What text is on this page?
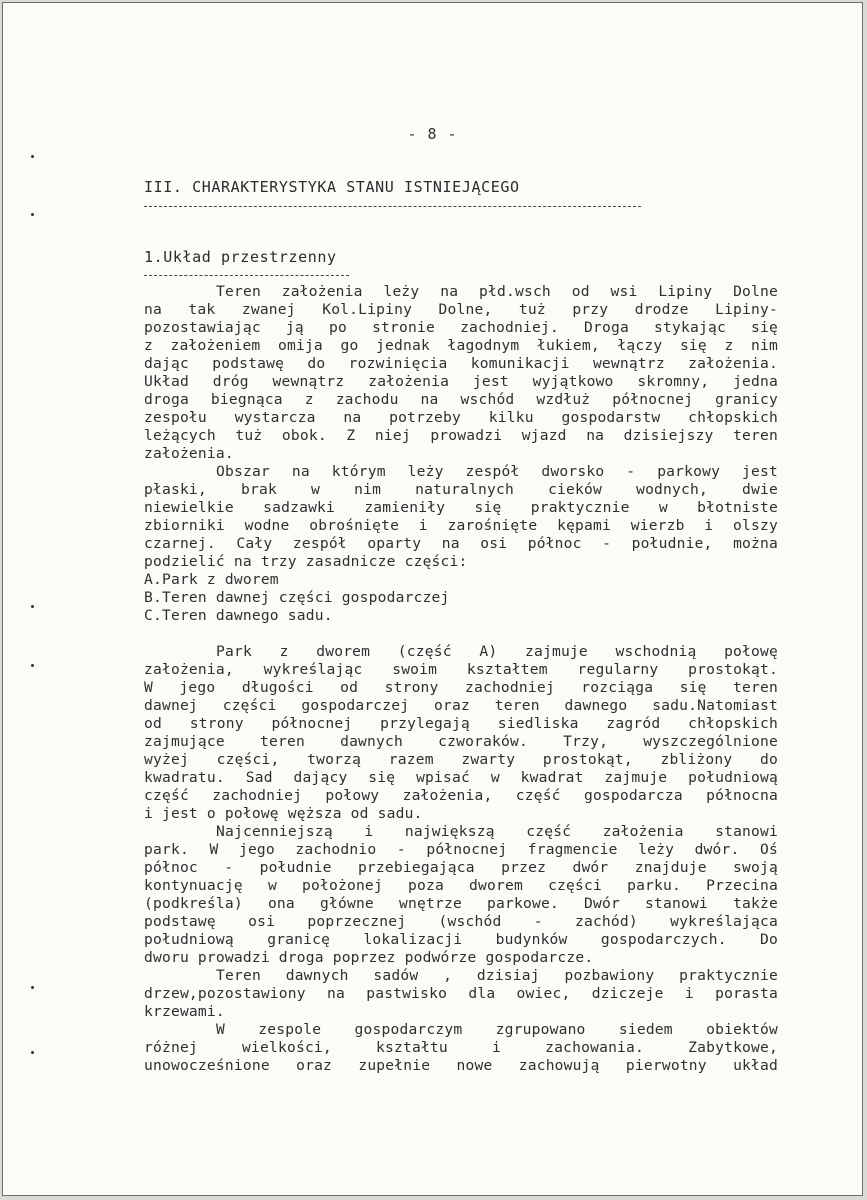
- 8 -
III. CHARAKTERYSTYKA STANU ISTNIEJĄCEGO
1.Układ przestrzenny
Teren założenia leży na płd.wsch od wsi Lipiny Dolne
na tak zwanej Kol.Lipiny Dolne, tuż przy drodze Lipiny-
pozostawiając ją po stronie zachodniej. Droga stykając się
z założeniem omija go jednak łagodnym łukiem, łączy się z nim
dając podstawę do rozwinięcia komunikacji wewnątrz założenia.
Układ dróg wewnątrz założenia jest wyjątkowo skromny, jedna
droga biegnąca z zachodu na wschód wzdłuż północnej granicy
zespołu wystarcza na potrzeby kilku gospodarstw chłopskich
leżących tuż obok. Z niej prowadzi wjazd na dzisiejszy teren
założenia.
Obszar na którym leży zespół dworsko - parkowy jest
płaski, brak w nim naturalnych cieków wodnych, dwie
niewielkie sadzawki zamieniły się praktycznie w błotniste
zbiorniki wodne obrośnięte i zarośnięte kępami wierzb i olszy
czarnej. Cały zespół oparty na osi północ - południe, można
podzielić na trzy zasadnicze części:
A.Park z dworem
B.Teren dawnej części gospodarczej
C.Teren dawnego sadu.
Park z dworem (część A) zajmuje wschodnią połowę
założenia, wykreślając swoim kształtem regularny prostokąt.
W jego długości od strony zachodniej rozciąga się teren
dawnej części gospodarczej oraz teren dawnego sadu.Natomiast
od strony północnej przylegają siedliska zagród chłopskich
zajmujące teren dawnych czworaków. Trzy, wyszczególnione
wyżej części, tworzą razem zwarty prostokąt, zbliżony do
kwadratu. Sad dający się wpisać w kwadrat zajmuje południową
część zachodniej połowy założenia, część gospodarcza północna
i jest o połowę węższa od sadu.
Najcenniejszą i największą część założenia stanowi
park. W jego zachodnio - północnej fragmencie leży dwór. Oś
północ - południe przebiegająca przez dwór znajduje swoją
kontynuację w położonej poza dworem części parku. Przecina
(podkreśla) ona główne wnętrze parkowe. Dwór stanowi także
podstawę osi poprzecznej (wschód - zachód) wykreślająca
południową granicę lokalizacji budynków gospodarczych. Do
dworu prowadzi droga poprzez podwórze gospodarcze.
Teren dawnych sadów , dzisiaj pozbawiony praktycznie
drzew,pozostawiony na pastwisko dla owiec, dziczeje i porasta
krzewami.
W zespole gospodarczym zgrupowano siedem obiektów
różnej wielkości, kształtu i zachowania. Zabytkowe,
unowocześnione oraz zupełnie nowe zachowują pierwotny układ
